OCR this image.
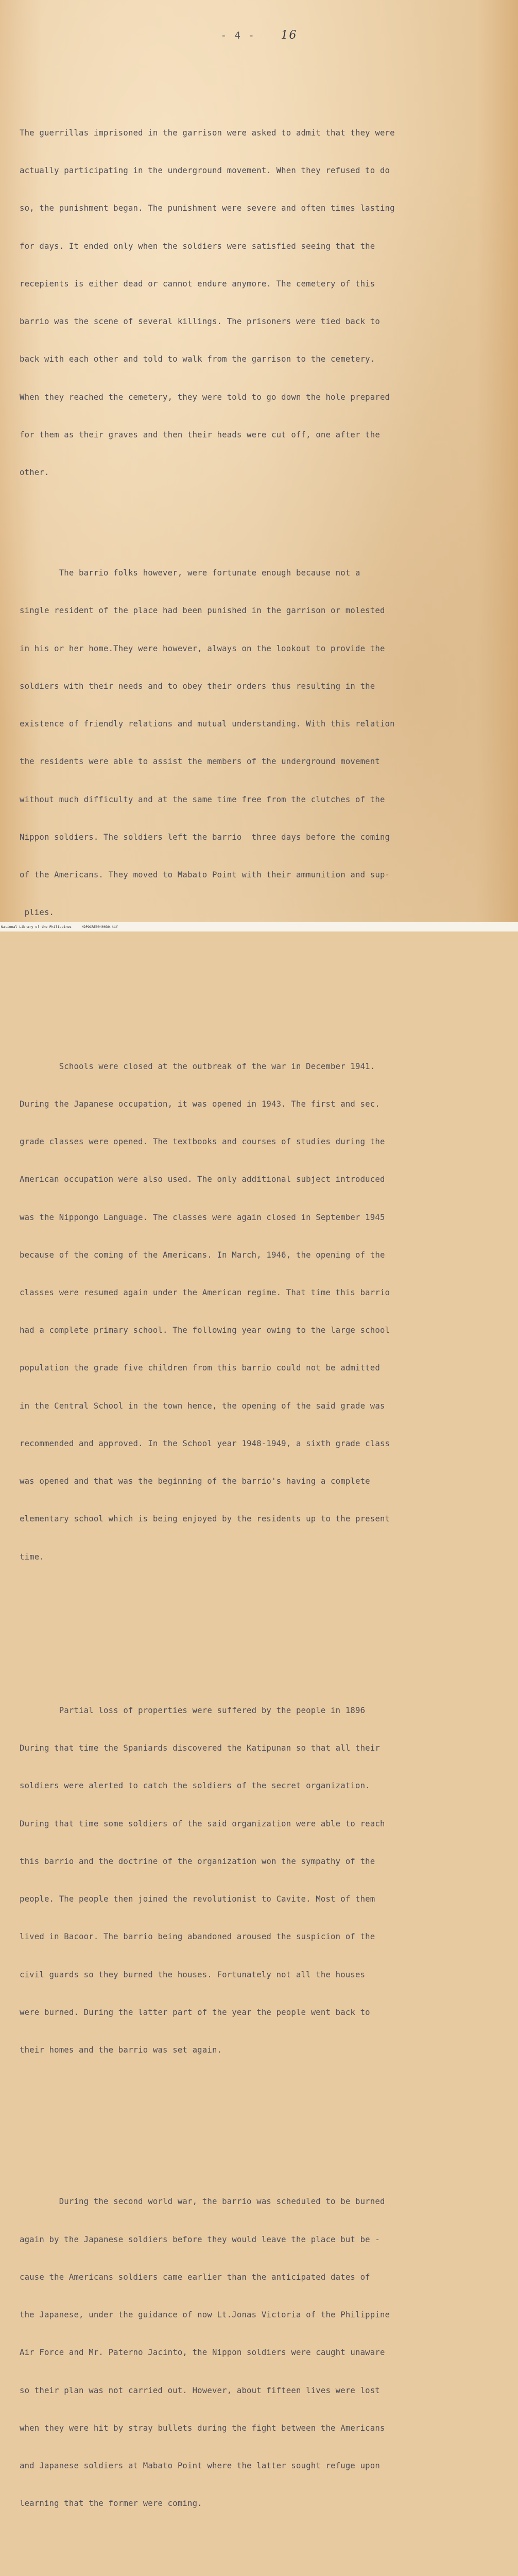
- 4 - 16

The guerrillas imprisoned in the garrison were asked to admit that they were

actually participating in the underground movement. When they refused to do

so, the punishment began. The punishment were severe and often times lasting

for days. It ended only when the soldiers were satisfied seeing that the

recepients is either dead or cannot endure anymore. The cemetery of this

barrio was the scene of several killings. The prisoners were tied back to

back with each other and told to walk from the garrison to the cemetery.

When they reached the cemetery, they were told to go down the hole prepared

for them as their graves and then their heads were cut off, one after the

other.

The barrio folks however, were fortunate enough because not a

single resident of the place had been punished in the garrison or molested

in his or her home.They were however, always on the lookout to provide the

soldiers with their needs and to obey their orders thus resulting in the

existence of friendly relations and mutual understanding. With this relation

the residents were able to assist the members of the underground movement

without much difficulty and at the same time free from the clutches of the

Nippon soldiers. The soldiers left the barrio  three days before the coming

of the Americans. They moved to Mabato Point with their ammunition and sup-

plies.

Schools were closed at the outbreak of the war in December 1941.

During the Japanese occupation, it was opened in 1943. The first and sec.

grade classes were opened. The textbooks and courses of studies during the

American occupation were also used. The only additional subject introduced

was the Nippongo Language. The classes were again closed in September 1945

because of the coming of the Americans. In March, 1946, the opening of the

classes were resumed again under the American regime. That time this barrio

had a complete primary school. The following year owing to the large school

population the grade five children from this barrio could not be admitted

in the Central School in the town hence, the opening of the said grade was

recommended and approved. In the School year 1948-1949, a sixth grade class

was opened and that was the beginning of the barrio's having a complete

elementary school which is being enjoyed by the residents up to the present

time.

Partial loss of properties were suffered by the people in 1896

During that time the Spaniards discovered the Katipunan so that all their

soldiers were alerted to catch the soldiers of the secret organization.

During that time some soldiers of the said organization were able to reach

this barrio and the doctrine of the organization won the sympathy of the

people. The people then joined the revolutionist to Cavite. Most of them

lived in Bacoor. The barrio being abandoned aroused the suspicion of the

civil guards so they burned the houses. Fortunately not all the houses

were burned. During the latter part of the year the people went back to

their homes and the barrio was set again.

During the second world war, the barrio was scheduled to be burned

again by the Japanese soldiers before they would leave the place but be -

cause the Americans soldiers came earlier than the anticipated dates of

the Japanese, under the guidance of now Lt.Jonas Victoria of the Philippine

Air Force and Mr. Paterno Jacinto, the Nippon soldiers were caught unaware

so their plan was not carried out. However, about fifteen lives were lost

when they were hit by stray bullets during the fight between the Americans

and Japanese soldiers at Mabato Point where the latter sought refuge upon

learning that the former were coming.

National Library of the Philippines     HDPOCRE0040030.tif
